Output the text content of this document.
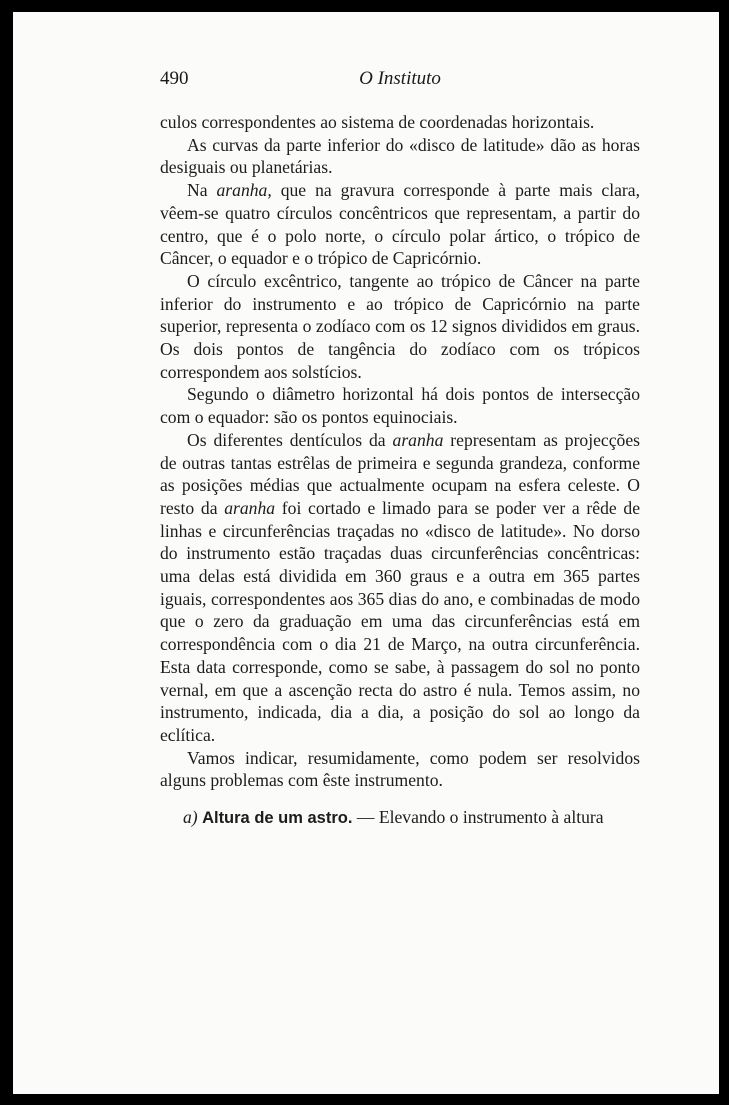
490	O Instituto

culos correspondentes ao sistema de coordenadas horizontais.

As curvas da parte inferior do «disco de latitude» dão as horas desiguais ou planetárias.

Na aranha, que na gravura corresponde à parte mais clara, vêem-se quatro círculos concêntricos que representam, a partir do centro, que é o polo norte, o círculo polar ártico, o trópico de Câncer, o equador e o trópico de Capricórnio.

O círculo excêntrico, tangente ao trópico de Câncer na parte inferior do instrumento e ao trópico de Capricórnio na parte superior, representa o zodíaco com os 12 signos divididos em graus. Os dois pontos de tangência do zodíaco com os trópicos correspondem aos solstícios.

Segundo o diâmetro horizontal há dois pontos de intersecção com o equador: são os pontos equinociais.

Os diferentes dentículos da aranha representam as projecções de outras tantas estrêlas de primeira e segunda grandeza, conforme as posições médias que actualmente ocupam na esfera celeste. O resto da aranha foi cortado e limado para se poder ver a rêde de linhas e circunferências traçadas no «disco de latitude». No dorso do instrumento estão traçadas duas circunferências concêntricas: uma delas está dividida em 360 graus e a outra em 365 partes iguais, correspondentes aos 365 dias do ano, e combinadas de modo que o zero da graduação em uma das circunferências está em correspondência com o dia 21 de Março, na outra circunferência. Esta data corresponde, como se sabe, à passagem do sol no ponto vernal, em que a ascenção recta do astro é nula. Temos assim, no instrumento, indicada, dia a dia, a posição do sol ao longo da eclítica.

Vamos indicar, resumidamente, como podem ser resolvidos alguns problemas com êste instrumento.

a) Altura de um astro. — Elevando o instrumento à altura
